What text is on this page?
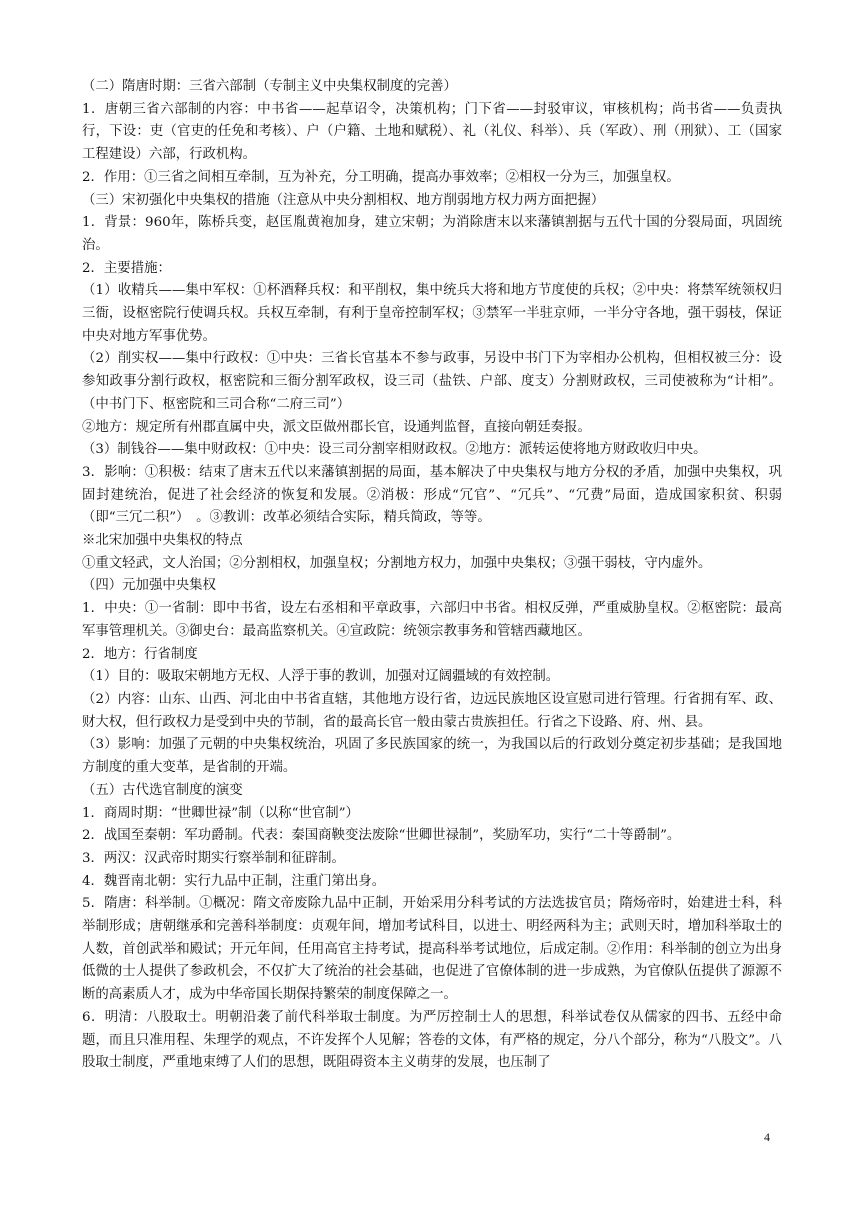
（二）隋唐时期：三省六部制（专制主义中央集权制度的完善）

1．唐朝三省六部制的内容：中书省——起草诏令，决策机构；门下省——封驳审议，审核机构；尚书省——负责执行，下设：吏（官吏的任免和考核）、户（户籍、土地和赋税）、礼（礼仪、科举）、兵（军政）、刑（刑狱）、工（国家工程建设）六部，行政机构。

2．作用：①三省之间相互牵制，互为补充，分工明确，提高办事效率；②相权一分为三，加强皇权。

（三）宋初强化中央集权的措施（注意从中央分割相权、地方削弱地方权力两方面把握）

1．背景：960年，陈桥兵变，赵匡胤黄袍加身，建立宋朝；为消除唐末以来藩镇割据与五代十国的分裂局面，巩固统治。

2．主要措施：

（1）收精兵——集中军权：①杯酒释兵权：和平削权，集中统兵大将和地方节度使的兵权；②中央：将禁军统领权归三衙，设枢密院行使调兵权。兵权互牵制，有利于皇帝控制军权；③禁军一半驻京师，一半分守各地，强干弱枝，保证中央对地方军事优势。

（2）削实权——集中行政权：①中央：三省长官基本不参与政事，另设中书门下为宰相办公机构，但相权被三分：设参知政事分割行政权，枢密院和三衙分割军政权，设三司（盐铁、户部、度支）分割财政权，三司使被称为“计相”。（中书门下、枢密院和三司合称“二府三司”）

②地方：规定所有州郡直属中央，派文臣做州郡长官，设通判监督，直接向朝廷奏报。

（3）制钱谷——集中财政权：①中央：设三司分割宰相财政权。②地方：派转运使将地方财政收归中央。

3．影响：①积极：结束了唐末五代以来藩镇割据的局面，基本解决了中央集权与地方分权的矛盾，加强中央集权，巩固封建统治，促进了社会经济的恢复和发展。②消极：形成“冗官”、“冗兵”、“冗费”局面，造成国家积贫、积弱（即“三冗二积”）　。③教训：改革必须结合实际，精兵简政，等等。

※北宋加强中央集权的特点

①重文轻武，文人治国；②分割相权，加强皇权；分割地方权力，加强中央集权；③强干弱枝，守内虚外。

（四）元加强中央集权

1．中央：①一省制：即中书省，设左右丞相和平章政事，六部归中书省。相权反弹，严重威胁皇权。②枢密院：最高军事管理机关。③御史台：最高监察机关。④宣政院：统领宗教事务和管辖西藏地区。

2．地方：行省制度

（1）目的：吸取宋朝地方无权、人浮于事的教训，加强对辽阔疆域的有效控制。

（2）内容：山东、山西、河北由中书省直辖，其他地方设行省，边远民族地区设宣慰司进行管理。行省拥有军、政、财大权，但行政权力是受到中央的节制，省的最高长官一般由蒙古贵族担任。行省之下设路、府、州、县。

（3）影响：加强了元朝的中央集权统治，巩固了多民族国家的统一，为我国以后的行政划分奠定初步基础；是我国地方制度的重大变革，是省制的开端。

（五）古代选官制度的演变

1．商周时期：“世卿世禄”制（以称“世官制”）

2．战国至秦朝：军功爵制。代表：秦国商鞅变法废除“世卿世禄制”，奖励军功，实行“二十等爵制”。

3．两汉：汉武帝时期实行察举制和征辟制。

4．魏晋南北朝：实行九品中正制，注重门第出身。

5．隋唐：科举制。①概况：隋文帝废除九品中正制，开始采用分科考试的方法选拔官员；隋炀帝时，始建进士科，科举制形成；唐朝继承和完善科举制度：贞观年间，增加考试科目，以进士、明经两科为主；武则天时，增加科举取士的人数，首创武举和殿试；开元年间，任用高官主持考试，提高科举考试地位，后成定制。②作用：科举制的创立为出身低微的士人提供了参政机会，不仅扩大了统治的社会基础，也促进了官僚体制的进一步成熟，为官僚队伍提供了源源不断的高素质人才，成为中华帝国长期保持繁荣的制度保障之一。

6．明清：八股取士。明朝沿袭了前代科举取士制度。为严厉控制士人的思想，科举试卷仅从儒家的四书、五经中命题，而且只准用程、朱理学的观点，不许发挥个人见解；答卷的文体，有严格的规定，分八个部分，称为“八股文”。八股取士制度，严重地束缚了人们的思想，既阻碍资本主义萌芽的发展，也压制了

4
